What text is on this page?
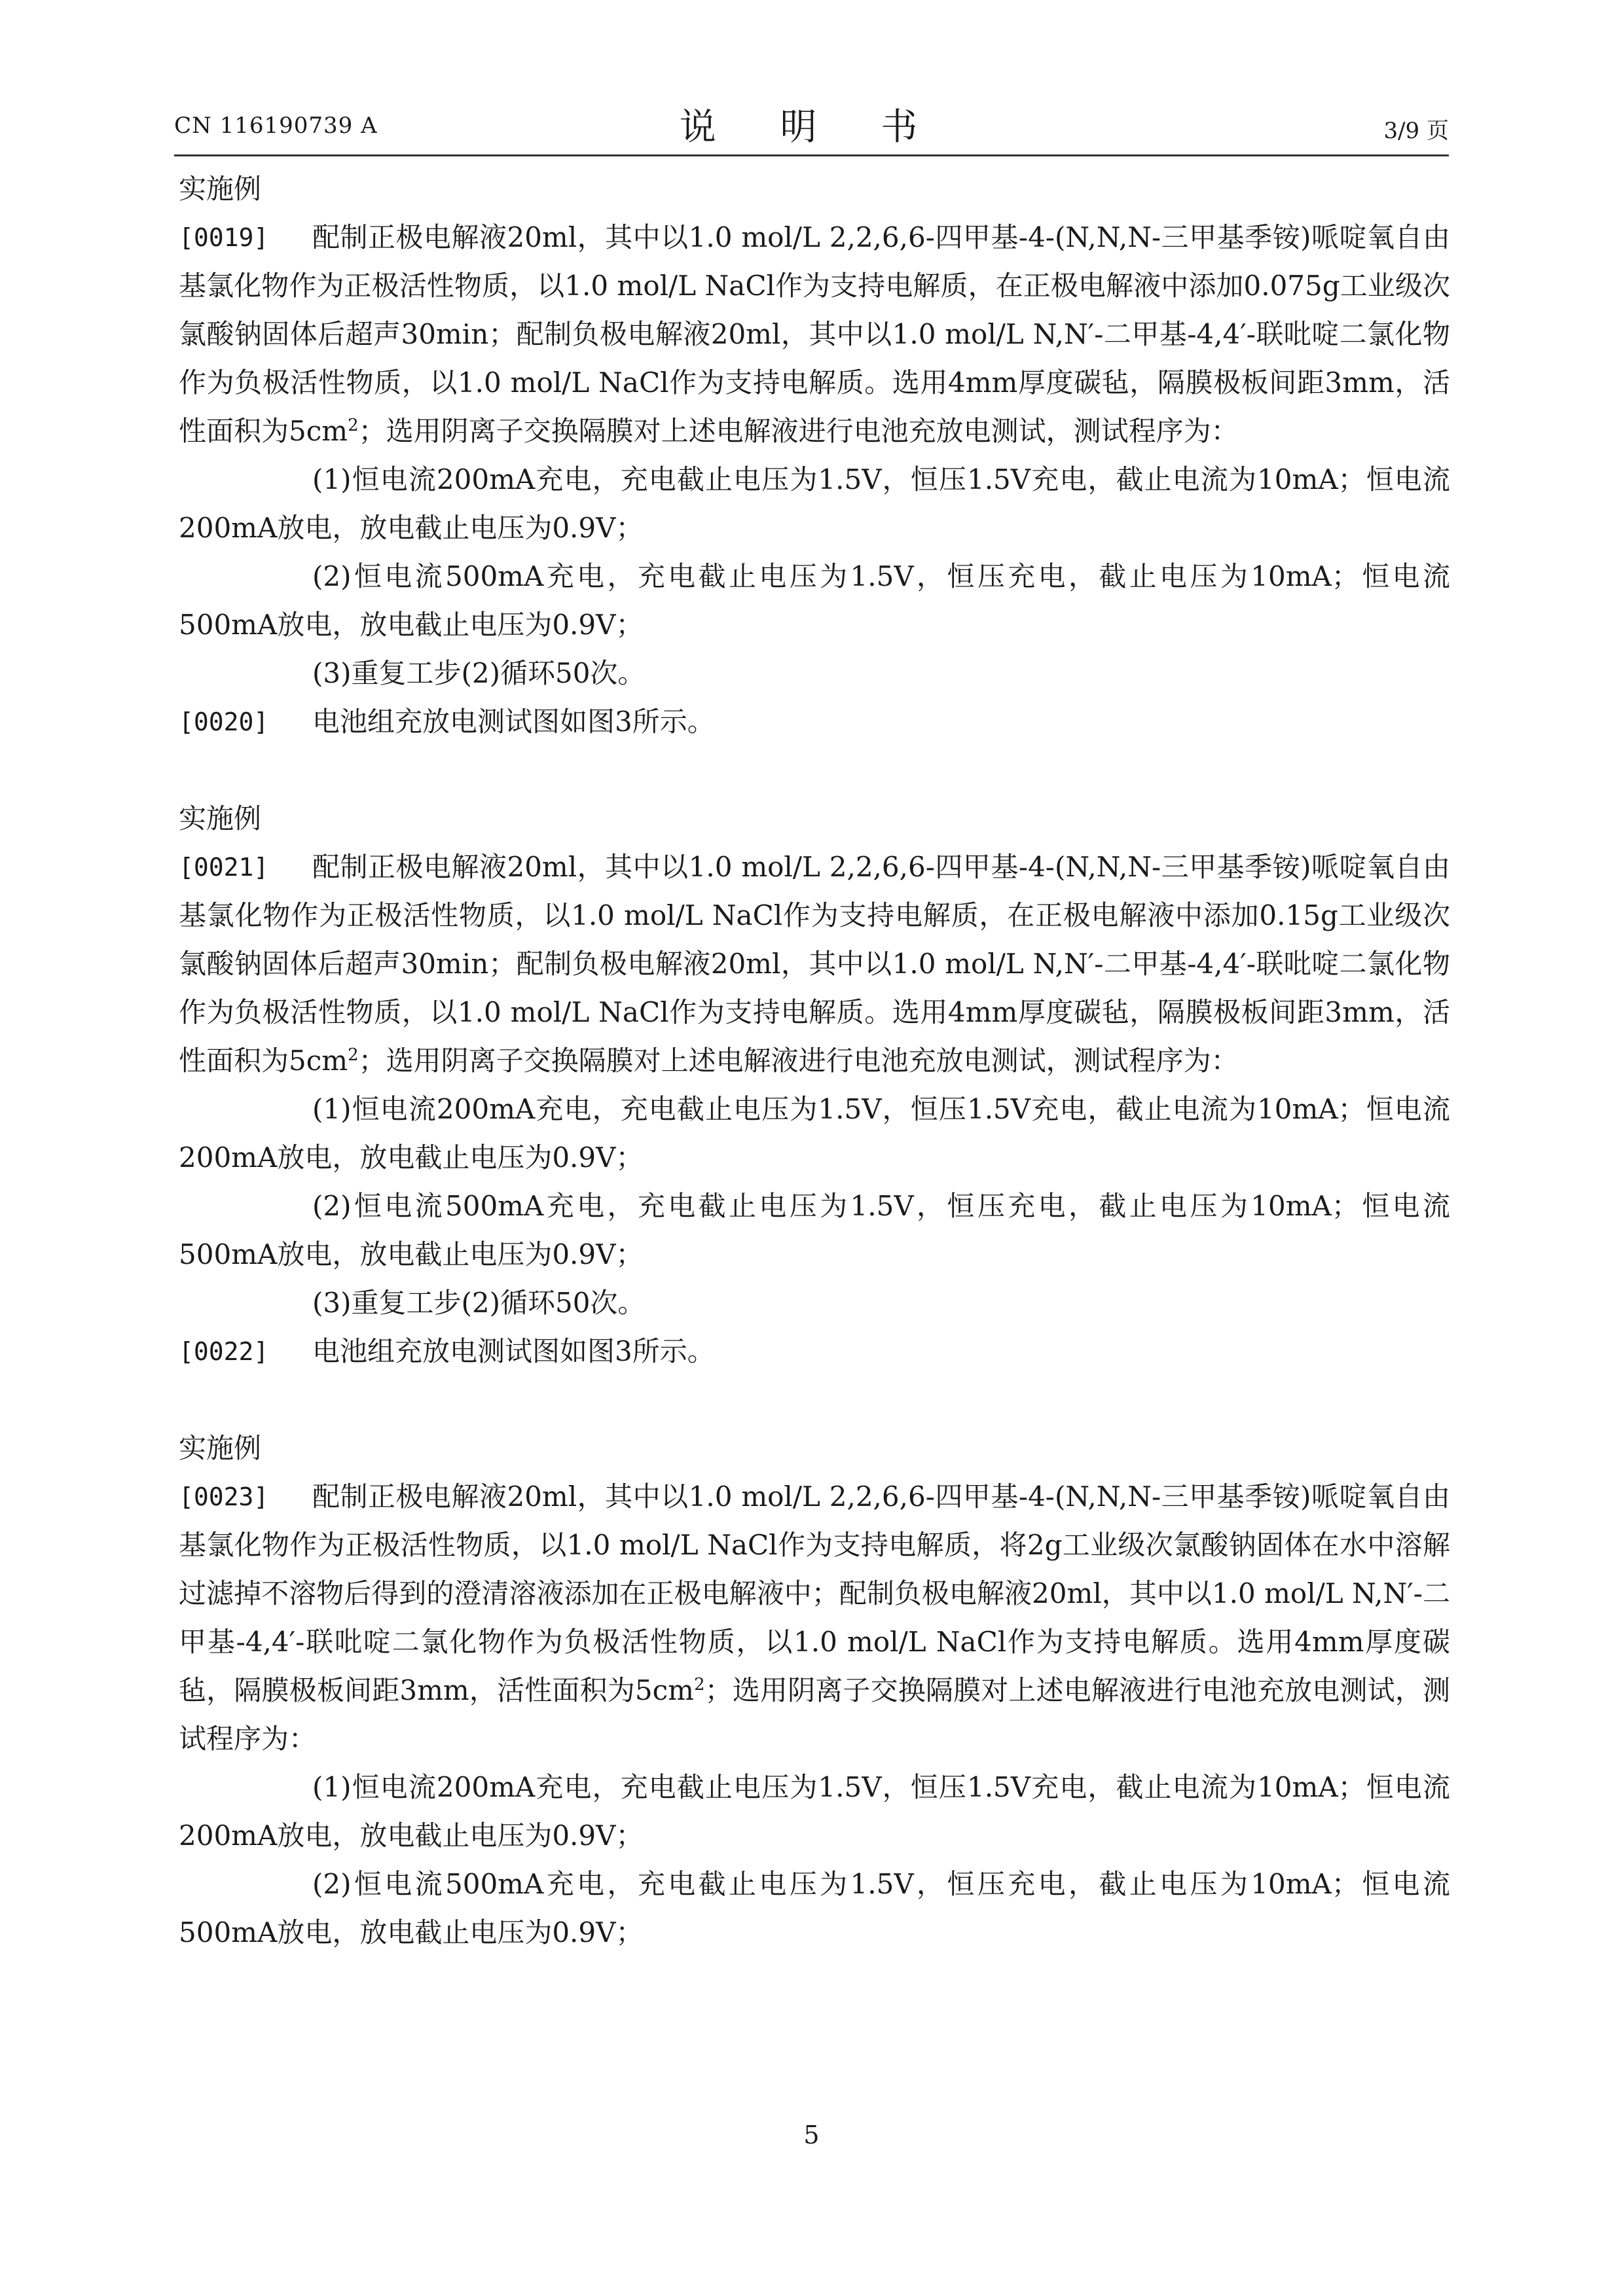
CN 116190739 A	说 明 书	3/9 页
实施例
[0019] 配制正极电解液20ml，其中以1.0 mol/L 2,2,6,6-四甲基-4-(N,N,N-三甲基季铵)哌啶氧自由基氯化物作为正极活性物质，以1.0 mol/L NaCl作为支持电解质，在正极电解液中添加0.075g工业级次氯酸钠固体后超声30min；配制负极电解液20ml，其中以1.0 mol/L N,N′-二甲基-4,4′-联吡啶二氯化物作为负极活性物质，以1.0 mol/L NaCl作为支持电解质。选用4mm厚度碳毡，隔膜极板间距3mm，活性面积为$5cm^2$；选用阴离子交换隔膜对上述电解液进行电池充放电测试，测试程序为：
(1)恒电流200mA充电，充电截止电压为1.5V，恒压1.5V充电，截止电流为10mA；恒电流200mA放电，放电截止电压为0.9V；
(2)恒电流500mA充电，充电截止电压为1.5V，恒压充电，截止电压为10mA；恒电流500mA放电，放电截止电压为0.9V；
(3)重复工步(2)循环50次。
[0020] 电池组充放电测试图如图3所示。
实施例
[0021] 配制正极电解液20ml，其中以1.0 mol/L 2,2,6,6-四甲基-4-(N,N,N-三甲基季铵)哌啶氧自由基氯化物作为正极活性物质，以1.0 mol/L NaCl作为支持电解质，在正极电解液中添加0.15g工业级次氯酸钠固体后超声30min；配制负极电解液20ml，其中以1.0 mol/L N,N′-二甲基-4,4′-联吡啶二氯化物作为负极活性物质，以1.0 mol/L NaCl作为支持电解质。选用4mm厚度碳毡，隔膜极板间距3mm，活性面积为$5cm^2$；选用阴离子交换隔膜对上述电解液进行电池充放电测试，测试程序为：
(1)恒电流200mA充电，充电截止电压为1.5V，恒压1.5V充电，截止电流为10mA；恒电流200mA放电，放电截止电压为0.9V；
(2)恒电流500mA充电，充电截止电压为1.5V，恒压充电，截止电压为10mA；恒电流500mA放电，放电截止电压为0.9V；
(3)重复工步(2)循环50次。
[0022] 电池组充放电测试图如图3所示。
实施例
[0023] 配制正极电解液20ml，其中以1.0 mol/L 2,2,6,6-四甲基-4-(N,N,N-三甲基季铵)哌啶氧自由基氯化物作为正极活性物质，以1.0 mol/L NaCl作为支持电解质，将2g工业级次氯酸钠固体在水中溶解过滤掉不溶物后得到的澄清溶液添加在正极电解液中；配制负极电解液20ml，其中以1.0 mol/L N,N′-二甲基-4,4′-联吡啶二氯化物作为负极活性物质，以1.0 mol/L NaCl作为支持电解质。选用4mm厚度碳毡，隔膜极板间距3mm，活性面积为$5cm^2$；选用阴离子交换隔膜对上述电解液进行电池充放电测试，测试程序为：
(1)恒电流200mA充电，充电截止电压为1.5V，恒压1.5V充电，截止电流为10mA；恒电流200mA放电，放电截止电压为0.9V；
(2)恒电流500mA充电，充电截止电压为1.5V，恒压充电，截止电压为10mA；恒电流500mA放电，放电截止电压为0.9V；
5
